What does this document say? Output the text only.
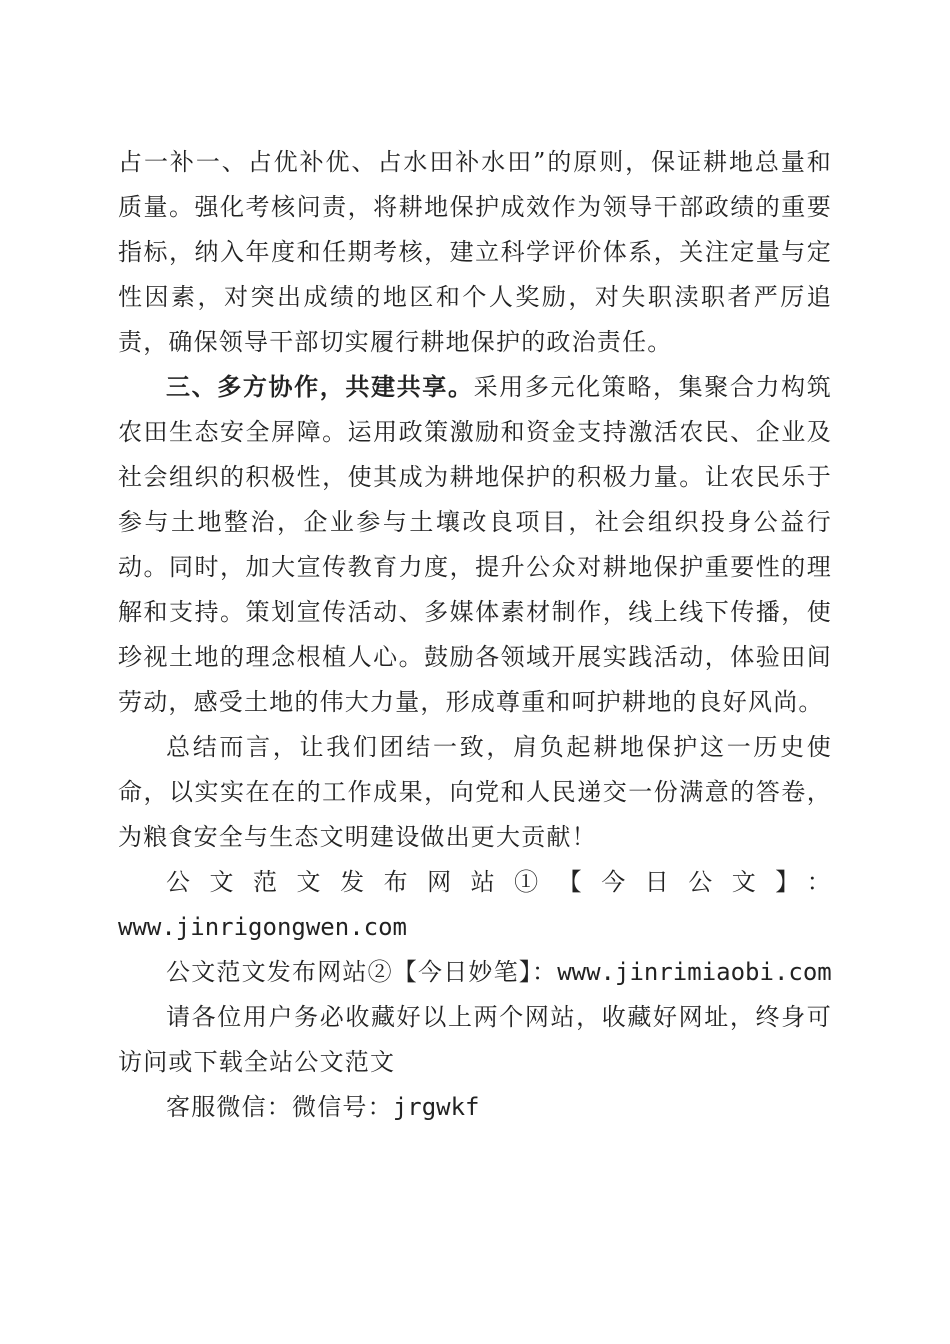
占一补一、占优补优、占水田补水田”的原则，保证耕地总量和质量。强化考核问责，将耕地保护成效作为领导干部政绩的重要指标，纳入年度和任期考核，建立科学评价体系，关注定量与定性因素，对突出成绩的地区和个人奖励，对失职渎职者严厉追责，确保领导干部切实履行耕地保护的政治责任。

三、多方协作，共建共享。采用多元化策略，集聚合力构筑农田生态安全屏障。运用政策激励和资金支持激活农民、企业及社会组织的积极性，使其成为耕地保护的积极力量。让农民乐于参与土地整治，企业参与土壤改良项目，社会组织投身公益行动。同时，加大宣传教育力度，提升公众对耕地保护重要性的理解和支持。策划宣传活动、多媒体素材制作，线上线下传播，使珍视土地的理念根植人心。鼓励各领域开展实践活动，体验田间劳动，感受土地的伟大力量，形成尊重和呵护耕地的良好风尚。

总结而言，让我们团结一致，肩负起耕地保护这一历史使命，以实实在在的工作成果，向党和人民递交一份满意的答卷，为粮食安全与生态文明建设做出更大贡献！

公文范文发布网站①【今日公文】：
www.jinrigongwen.com

公文范文发布网站②【今日妙笔】：www.jinrimiaobi.com

请各位用户务必收藏好以上两个网站，收藏好网址，终身可访问或下载全站公文范文

客服微信：微信号：jrgwkf
